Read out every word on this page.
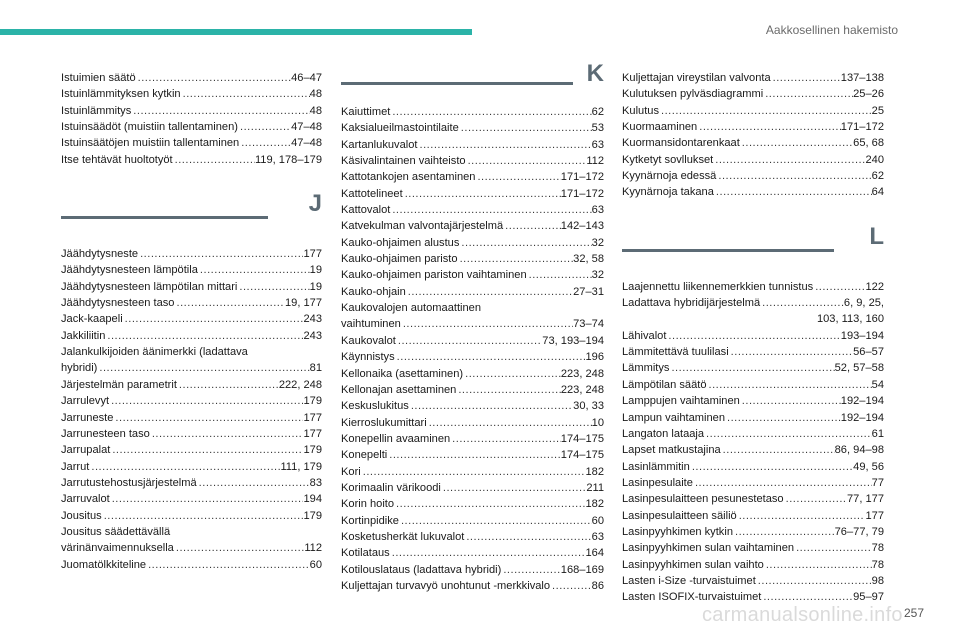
Aakkosellinen hakemisto
Istuimien säätö .....	46–47
Istuinlämmityksen kytkin .....	48
Istuinlämmitys .....	48
Istuinsäädöt (muistiin tallentaminen) .....	47–48
Istuinsäätöjen muistiin tallentaminen .....	47–48
Itse tehtävät huoltotyöt .....	119, 178–179
J
Jäähdytysneste .....	177
Jäähdytysnesteen lämpötila .....	19
Jäähdytysnesteen lämpötilan mittari .....	19
Jäähdytysnesteen taso .....	19, 177
Jack-kaapeli .....	243
Jakkiliitin .....	243
Jalankulkijoiden äänimerkki (ladattava
hybridi) .....	81
Järjestelmän parametrit .....	222, 248
Jarrulevyt .....	179
Jarruneste .....	177
Jarrunesteen taso .....	177
Jarrupalat .....	179
Jarrut .....	111, 179
Jarrutustehostusjärjestelmä .....	83
Jarruvalot .....	194
Jousitus .....	179
Jousitus säädettävällä
värinänvaimennuksella .....	112
Juomatölkkiteline .....	60
K
Kaiuttimet .....	62
Kaksialueilmastointilaite .....	53
Kartanlukuvalot .....	63
Käsivalintainen vaihteisto .....	112
Kattotankojen asentaminen .....	171–172
Kattotelineet .....	171–172
Kattovalot .....	63
Katvekulman valvontajärjestelmä .....	142–143
Kauko-ohjaimen alustus .....	32
Kauko-ohjaimen paristo .....	32, 58
Kauko-ohjaimen pariston vaihtaminen .....	32
Kauko-ohjain .....	27–31
Kaukovalojen automaattinen
vaihtuminen .....	73–74
Kaukovalot .....	73, 193–194
Käynnistys .....	196
Kellonaika (asettaminen) .....	223, 248
Kellonajan asettaminen .....	223, 248
Keskuslukitus .....	30, 33
Kierroslukumittari .....	10
Konepellin avaaminen .....	174–175
Konepelti .....	174–175
Kori .....	182
Korimaalin värikoodi .....	211
Korin hoito .....	182
Kortinpidike .....	60
Kosketusherkät lukuvalot .....	63
Kotilataus .....	164
Kotilouslataus (ladattava hybridi) .....	168–169
Kuljettajan turvavyö unohtunut -merkkivalo .....	86
Kuljettajan vireystilan valvonta .....	137–138
Kulutuksen pylväsdiagrammi .....	25–26
Kulutus .....	25
Kuormaaminen .....	171–172
Kuormansidontarenkaat .....	65, 68
Kytketyt sovllukset .....	240
Kyynärnoja edessä .....	62
Kyynärnoja takana .....	64
L
Laajennettu liikennemerkkien tunnistus .....	122
Ladattava hybridijärjestelmä .....	6, 9, 25,
103, 113, 160
Lähivalot .....	193–194
Lämmitettävä tuulilasi .....	56–57
Lämmitys .....	52, 57–58
Lämpötilan säätö .....	54
Lamppujen vaihtaminen .....	192–194
Lampun vaihtaminen .....	192–194
Langaton lataaja .....	61
Lapset matkustajina .....	86, 94–98
Lasinlämmitin .....	49, 56
Lasinpesulaite .....	77
Lasinpesulaitteen pesunestetaso .....	77, 177
Lasinpesulaitteen säiliö .....	177
Lasinpyyhkimen kytkin .....	76–77, 79
Lasinpyyhkimen sulan vaihtaminen .....	78
Lasinpyyhkimen sulan vaihto .....	78
Lasten i-Size -turvaistuimet .....	98
Lasten ISOFIX-turvaistuimet .....	95–97
257
carmanualsonline.info
